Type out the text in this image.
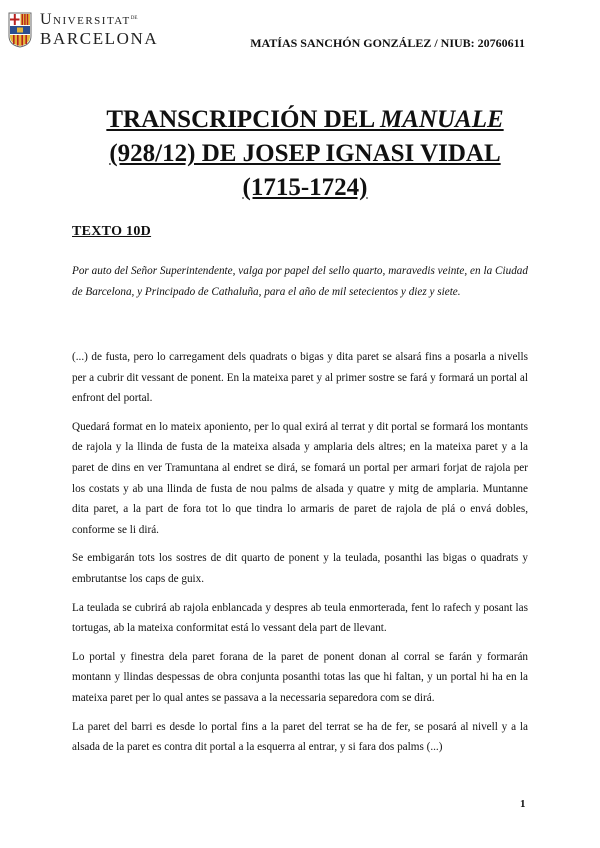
Universitat$^{de}$
BARCELONA	MATÍAS SANCHÓN GONZÁLEZ / NIUB: 20760611
TRANSCRIPCIÓN DEL MANUALE
(928/12) DE JOSEP IGNASI VIDAL
(1715-1724)
TEXTO 10D

Por auto del Señor Superintendente, valga por papel del sello quarto, maravedis veinte, en la Ciudad de Barcelona, y Principado de Cathaluña, para el año de mil setecientos y diez y siete.

(...) de fusta, pero lo carregament dels quadrats o bigas y dita paret se alsará fins a posarla a nivells per a cubrir dit vessant de ponent. En la mateixa paret y al primer sostre se fará y formará un portal al enfront del portal.

Quedará format en lo mateix aponiento, per lo qual exirá al terrat y dit portal se formará los montants de rajola y la llinda de fusta de la mateixa alsada y amplaria dels altres; en la mateixa paret y a la paret de dins en ver Tramuntana al endret se dirá, se fomará un portal per armari forjat de rajola per los costats y ab una llinda de fusta de nou palms de alsada y quatre y mitg de amplaria. Muntanne dita paret, a la part de fora tot lo que tindra lo armaris de paret de rajola de plá o envá dobles, conforme se li dirá.

Se embigarán tots los sostres de dit quarto de ponent y la teulada, posanthi las bigas o quadrats y embrutantse los caps de guix.

La teulada se cubrirá ab rajola enblancada y despres ab teula enmorterada, fent lo rafech y posant las tortugas, ab la mateixa conformitat está lo vessant dela part de llevant.

Lo portal y finestra dela paret forana de la paret de ponent donan al corral se farán y formarán montann y llindas despessas de obra conjunta posanthi totas las que hi faltan, y un portal hi ha en la mateixa paret per lo qual antes se passava a la necessaria separedora com se dirá.

La paret del barri es desde lo portal fins a la paret del terrat se ha de fer, se posará al nivell y a la alsada de la paret es contra dit portal a la esquerra al entrar, y si fara dos palms (...)

1
